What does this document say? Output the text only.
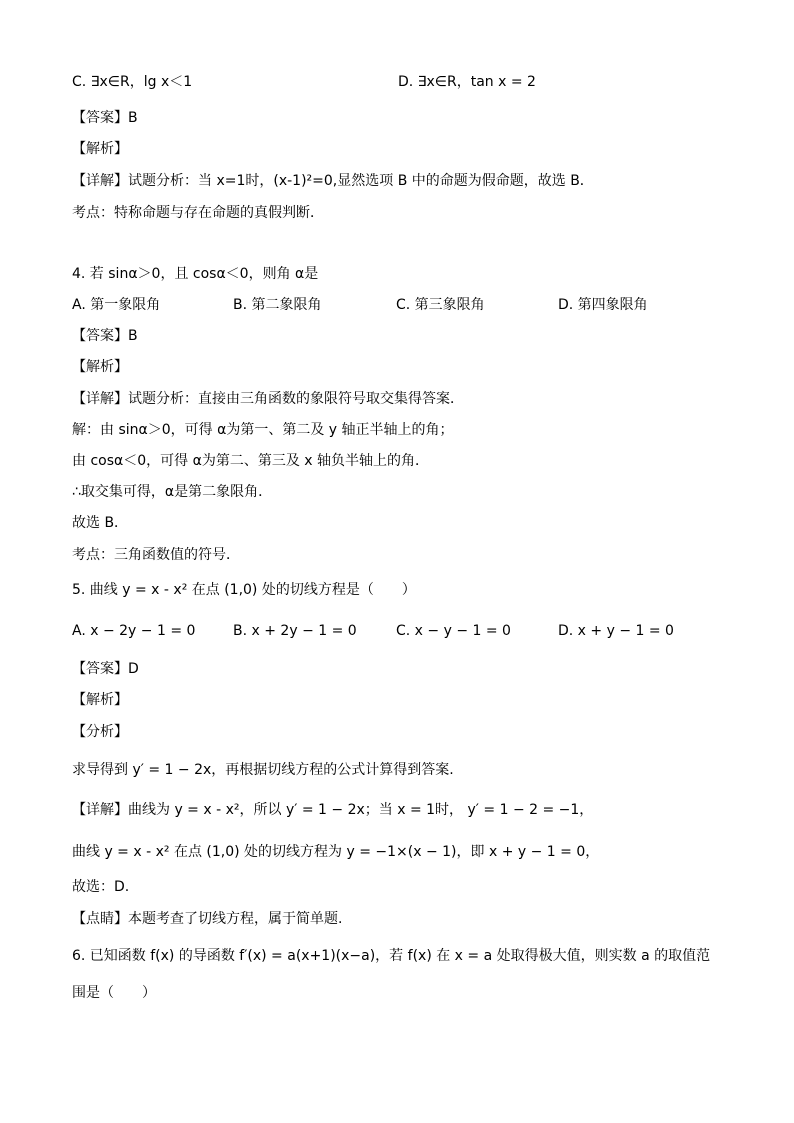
C. ∃x∈R，lg x＜1	D. ∃x∈R，tan x = 2
【答案】B
【解析】
【详解】试题分析：当 x=1时，(x-1)²=0,显然选项 B 中的命题为假命题，故选 B．
考点：特称命题与存在命题的真假判断．
4. 若 sinα＞0，且 cosα＜0，则角 α是
A. 第一象限角	B. 第二象限角	C. 第三象限角	D. 第四象限角
【答案】B
【解析】
【详解】试题分析：直接由三角函数的象限符号取交集得答案．
解：由 sinα＞0，可得 α为第一、第二及 y 轴正半轴上的角；
由 cosα＜0，可得 α为第二、第三及 x 轴负半轴上的角．
∴取交集可得，α是第二象限角．
故选 B．
考点：三角函数值的符号．
5. 曲线 y = x - x² 在点 (1,0) 处的切线方程是（　　）
A. x − 2y − 1 = 0	B. x + 2y − 1 = 0	C. x − y − 1 = 0	D. x + y − 1 = 0
【答案】D
【解析】
【分析】
求导得到 y′ = 1 − 2x，再根据切线方程的公式计算得到答案.
【详解】曲线为 y = x - x²，所以 y′ = 1 − 2x；当 x = 1时， y′ = 1 − 2 = −1，
曲线 y = x - x² 在点 (1,0) 处的切线方程为 y = −1×(x − 1)，即 x + y − 1 = 0，
故选：D.
【点睛】本题考查了切线方程，属于简单题.
6. 已知函数 f(x) 的导函数 f′(x) = a(x+1)(x−a)，若 f(x) 在 x = a 处取得极大值，则实数 a 的取值范
围是（　　）
